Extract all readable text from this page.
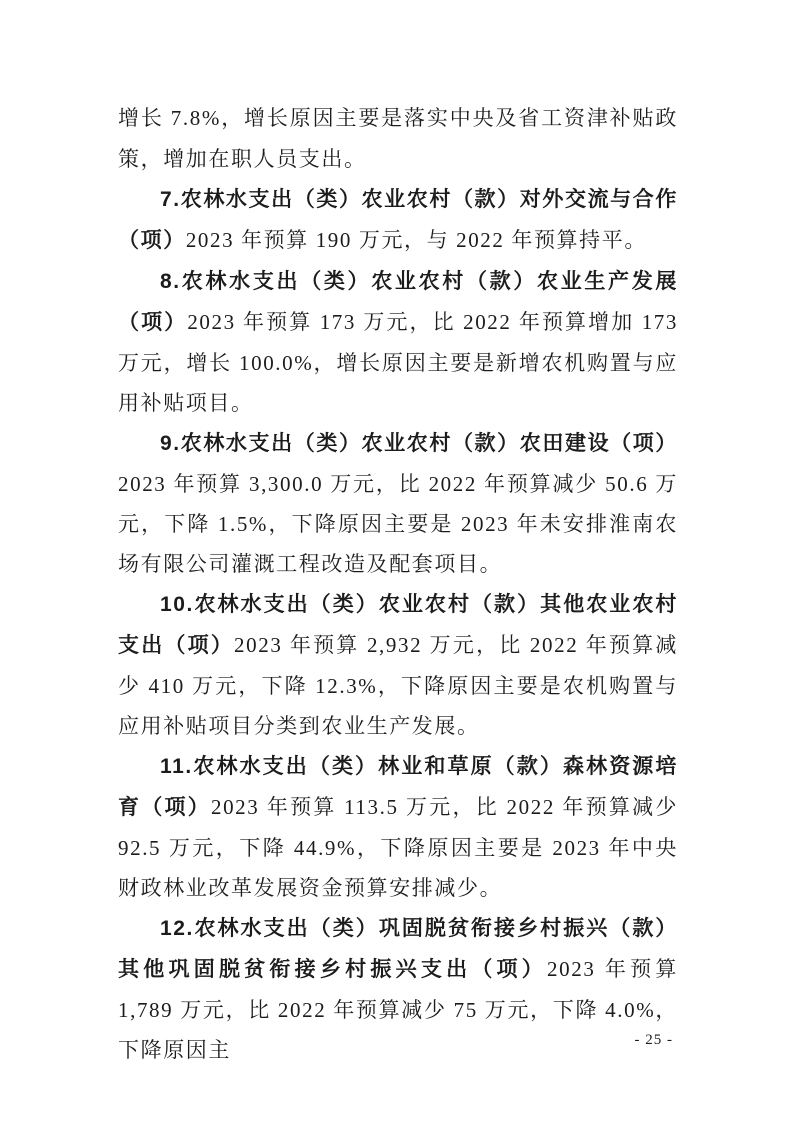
增长 7.8%，增长原因主要是落实中央及省工资津补贴政策，增加在职人员支出。

7.农林水支出（类）农业农村（款）对外交流与合作（项）2023 年预算 190 万元，与 2022 年预算持平。

8.农林水支出（类）农业农村（款）农业生产发展（项）2023 年预算 173 万元，比 2022 年预算增加 173 万元，增长 100.0%，增长原因主要是新增农机购置与应用补贴项目。

9.农林水支出（类）农业农村（款）农田建设（项）2023 年预算 3,300.0 万元，比 2022 年预算减少 50.6 万元，下降 1.5%，下降原因主要是 2023 年未安排淮南农场有限公司灌溉工程改造及配套项目。

10.农林水支出（类）农业农村（款）其他农业农村支出（项）2023 年预算 2,932 万元，比 2022 年预算减少 410 万元，下降 12.3%，下降原因主要是农机购置与应用补贴项目分类到农业生产发展。

11.农林水支出（类）林业和草原（款）森林资源培育（项）2023 年预算 113.5 万元，比 2022 年预算减少 92.5 万元，下降 44.9%，下降原因主要是 2023 年中央财政林业改革发展资金预算安排减少。

12.农林水支出（类）巩固脱贫衔接乡村振兴（款）其他巩固脱贫衔接乡村振兴支出（项）2023 年预算 1,789 万元，比 2022 年预算减少 75 万元，下降 4.0%，下降原因主	- 25 -
